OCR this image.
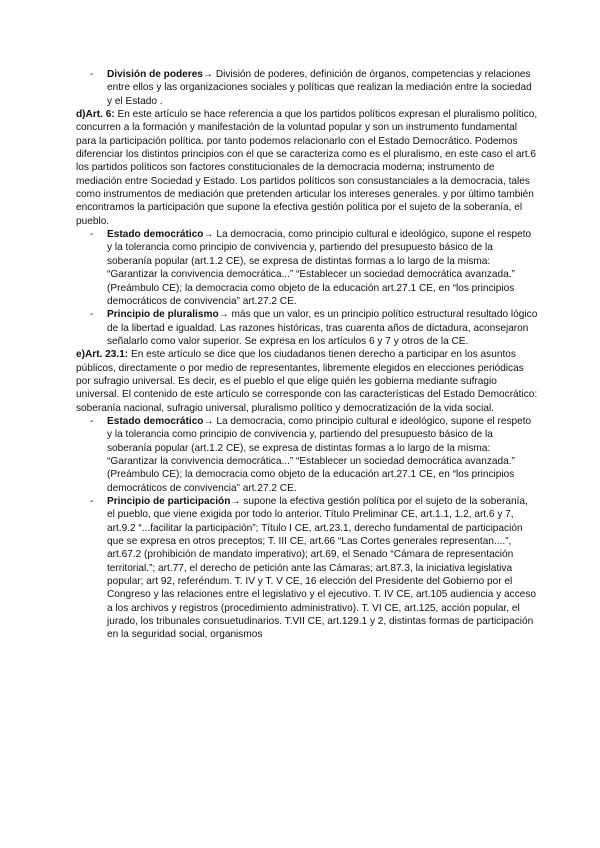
-	División de poderes→ División de poderes, definición de órganos, competencias y relaciones entre ellos y las organizaciones sociales y políticas que realizan la mediación entre la sociedad y el Estado .

d)Art. 6: En este artículo se hace referencia a que los partidos políticos expresan el pluralismo político, concurren a la formación y manifestación de la voluntad popular y son un instrumento fundamental para la participación política. por tanto podemos relacionarlo con el Estado Democrático. Podemos diferenciar los distintos principios con el que se caracteriza como es el pluralismo, en este caso el art.6 los partidos políticos son factores constitucionales de la democracia moderna; instrumento de mediación entre Sociedad y Estado. Los partidos políticos son consustanciales a la democracia, tales como instrumentos de mediación que pretenden articular los intereses generales. y por último también encontramos la participación que supone la efectiva gestión política por el sujeto de la soberanía, el pueblo.

-	Estado democrático→ La democracia, como principio cultural e ideológico, supone el respeto y la tolerancia como principio de convivencia y, partiendo del presupuesto básico de la soberanía popular (art.1.2 CE), se expresa de distintas formas a lo largo de la misma: “Garantizar la convivencia democrática...” “Establecer un sociedad democrática avanzada.” (Preámbulo CE); la democracia como objeto de la educación art.27.1 CE, en “los principios democráticos de convivencia” art.27.2 CE.
-	Principio de pluralismo→ más que un valor, es un principio político estructural resultado lógico de la libertad e igualdad. Las razones históricas, tras cuarenta años de dictadura, aconsejaron señalarlo como valor superior. Se expresa en los artículos 6 y 7 y otros de la CE.

e)Art. 23.1: En este artículo se dice que los ciudadanos tienen derecho a participar en los asuntos públicos, directamente o por medio de representantes, libremente elegidos en elecciones periódicas por sufragio universal. Es decir, es el pueblo el que elige quién les gobierna mediante sufragio universal. El contenido de este artículo se corresponde con las características del Estado Democrático: soberanía nacional, sufragio universal, pluralismo político y democratización de la vida social.

-	Estado democrático→ La democracia, como principio cultural e ideológico, supone el respeto y la tolerancia como principio de convivencia y, partiendo del presupuesto básico de la soberanía popular (art.1.2 CE), se expresa de distintas formas a lo largo de la misma: “Garantizar la convivencia democrática...” “Establecer un sociedad democrática avanzada.” (Preámbulo CE); la democracia como objeto de la educación art.27.1 CE, en “los principios democráticos de convivencia” art.27.2 CE.
-	Principio de participación→ supone la efectiva gestión política por el sujeto de la soberanía, el pueblo, que viene exigida por todo lo anterior. Título Preliminar CE, art.1.1, 1.2, art.6 y 7, art.9.2 “...facilitar la participación”; Título I CE, art.23.1, derecho fundamental de participación que se expresa en otros preceptos; T. III CE, art.66 “Las Cortes generales representan....”, art.67.2 (prohibición de mandato imperativo); art.69, el Senado “Cámara de representación territorial.”; art.77, el derecho de petición ante las Cámaras; art.87.3, la iniciativa legislativa popular; art 92, referéndum. T. IV y T. V CE, 16 elección del Presidente del Gobierno por el Congreso y las relaciones entre el legislativo y el ejecutivo. T. IV CE, art.105 audiencia y acceso a los archivos y registros (procedimiento administrativo). T. VI CE, art.125, acción popular, el jurado, los tribunales consuetudinarios. T.VII CE, art.129.1 y 2, distintas formas de participación en la seguridad social, organismos
